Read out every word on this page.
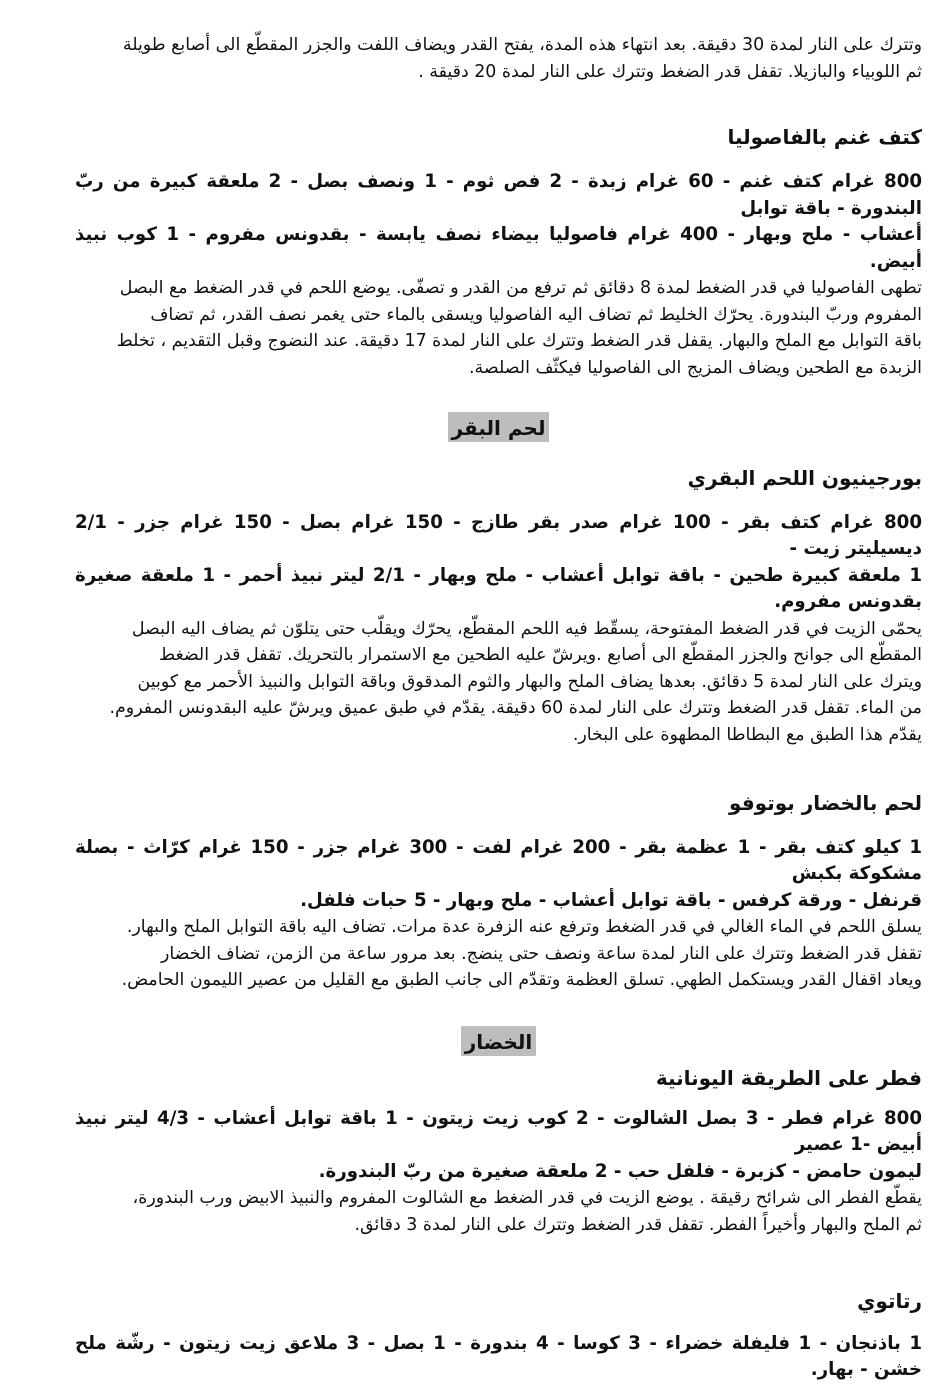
وتترك على النار لمدة 30 دقيقة. بعد انتهاء هذه المدة، يفتح القدر ويضاف اللفت والجزر المقطّع الى أصابع طويلة

ثم اللوبياء والبازيلا. تقفل قدر الضغط وتترك على النار لمدة 20 دقيقة .

كتف غنم بالفاصوليا

800 غرام كتف غنم - 60 غرام زبدة - 2 فص ثوم - 1 ونصف بصل - 2 ملعقة كبيرة من ربّ البندورة - باقة توابل

أعشاب - ملح وبهار - 400 غرام فاصوليا بيضاء نصف يابسة - بقدونس مفروم - 1 كوب نبيذ أبيض.

تطهى الفاصوليا في قدر الضغط لمدة 8 دقائق ثم ترفع من القدر و تصفّى. يوضع اللحم في قدر الضغط مع البصل

المفروم وربّ البندورة. يحرّك الخليط ثم تضاف اليه الفاصوليا ويسقى بالماء حتى يغمر نصف القدر، ثم تضاف

باقة التوابل مع الملح والبهار. يقفل قدر الضغط وتترك على النار لمدة 17 دقيقة. عند النضوج وقبل التقديم ، تخلط

الزبدة مع الطحين ويضاف المزيج الى الفاصوليا فيكثّف الصلصة.

لحم البقر

بورجينيون اللحم البقري

800 غرام كتف بقر - 100 غرام صدر بقر طازج - 150 غرام بصل - 150 غرام جزر - 2/1 ديسيليتر زيت -

1 ملعقة كبيرة طحين - باقة توابل أعشاب - ملح وبهار - 2/1 ليتر نبيذ أحمر - 1 ملعقة صغيرة بقدونس مفروم.

يحمّى الزيت في قدر الضغط المفتوحة، يسقّط فيه اللحم المقطّع، يحرّك ويقلّب حتى يتلوّن ثم يضاف اليه البصل

المقطّع الى جوانح والجزر المقطّع الى أصابع .ويرشّ عليه الطحين مع الاستمرار بالتحريك. تقفل قدر الضغط

ويترك على النار لمدة 5 دقائق. بعدها يضاف الملح والبهار والثوم المدقوق وباقة التوابل والنبيذ الأحمر مع كوبين

من الماء. تقفل قدر الضغط وتترك على النار لمدة 60 دقيقة. يقدّم في طبق عميق ويرشّ عليه البقدونس المفروم.

يقدّم هذا الطبق مع البطاطا المطهوة على البخار.

لحم بالخضار بوتوفو

1 كيلو كتف بقر - 1 عظمة بقر - 200 غرام لفت - 300 غرام جزر - 150 غرام كرّاث - بصلة مشكوكة بكبش

قرنفل - ورقة كرفس - باقة توابل أعشاب - ملح وبهار - 5 حبات فلفل.

يسلق اللحم في الماء الغالي في قدر الضغط وترفع عنه الزفرة عدة مرات. تضاف اليه باقة التوابل الملح والبهار.

تقفل قدر الضغط وتترك على النار لمدة ساعة ونصف حتى ينضج. بعد مرور ساعة من الزمن، تضاف الخضار

ويعاد اقفال القدر ويستكمل الطهي. تسلق العظمة وتقدّم الى جانب الطبق مع القليل من عصير الليمون الحامض.

الخضار

فطر على الطريقة اليونانية

800 غرام فطر - 3 بصل الشالوت - 2 كوب زيت زيتون - 1 باقة توابل أعشاب - 4/3 ليتر نبيذ أبيض -1 عصير

ليمون حامض - كزبرة - فلفل حب - 2 ملعقة صغيرة من ربّ البندورة.

يقطّع الفطر الى شرائح رقيقة . يوضع الزيت في قدر الضغط مع الشالوت المفروم والنبيذ الابيض ورب البندورة،

ثم الملح والبهار وأخيراً الفطر. تقفل قدر الضغط وتترك على النار لمدة 3 دقائق.

رتاتوي

1 باذنجان - 1 فليفلة خضراء - 3 كوسا - 4 بندورة - 1 بصل - 3 ملاعق زيت زيتون - رشّة ملح خشن - بهار.
